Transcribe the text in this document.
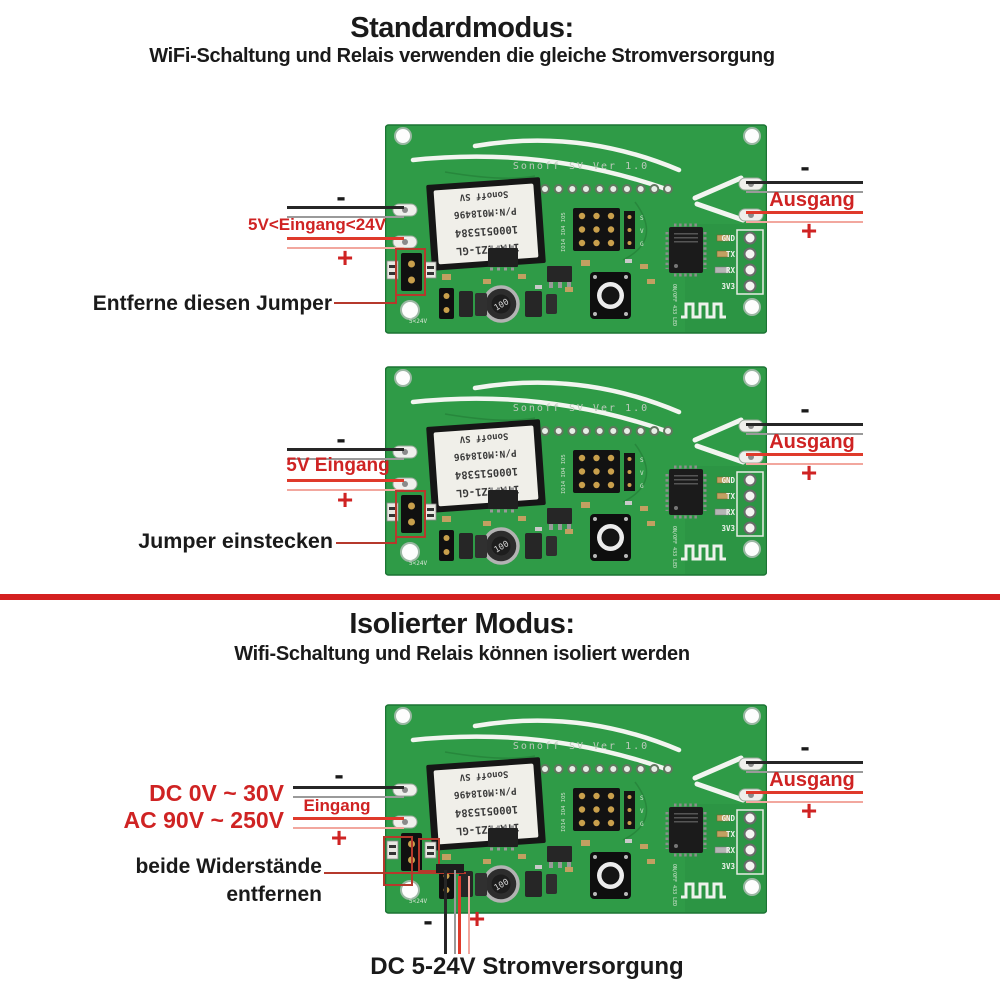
Standardmodus:
WiFi-Schaltung und Relais verwenden die gleiche Stromversorgung
-
5V<Eingang<24V
+
Entferne diesen Jumper
-
Ausgang
+
-
5V Eingang
+
Jumper einstecken
-
Ausgang
+
Isolierter Modus:
Wifi-Schaltung und Relais können isoliert werden
-
DC 0V ~ 30V Eingang
AC 90V ~ 250V
+
beide Widerstände
entfernen
-	+
DC 5-24V Stromversorgung
-
Ausgang
+
